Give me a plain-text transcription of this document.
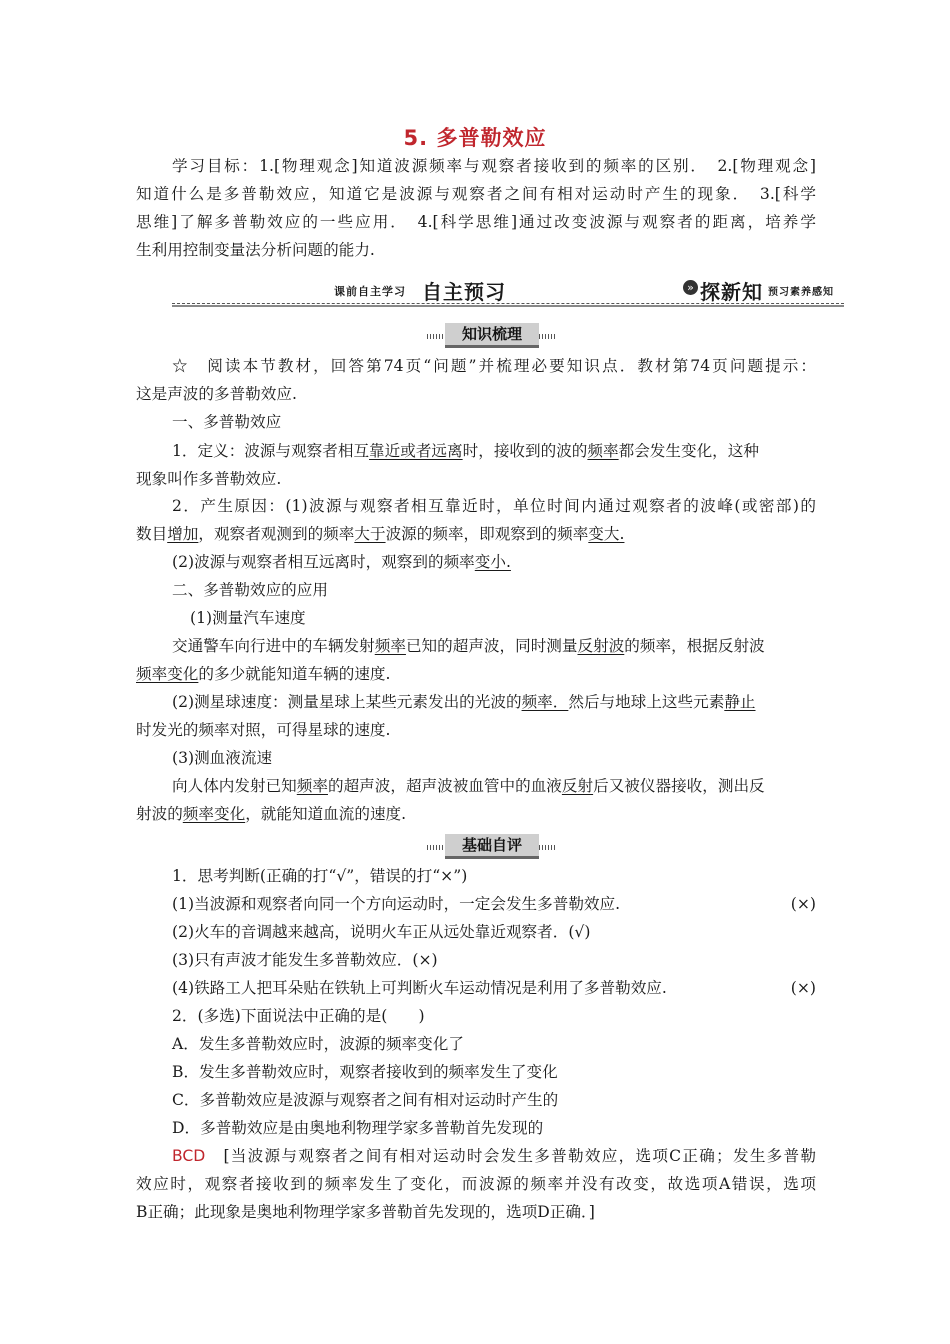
5. 多普勒效应
学习目标：1.[物理观念]知道波源频率与观察者接收到的频率的区别．　2.[物理观念]
知道什么是多普勒效应，知道它是波源与观察者之间有相对运动时产生的现象．　3.[科学
思维]了解多普勒效应的一些应用．　4.[科学思维]通过改变波源与观察者的距离，培养学
生利用控制变量法分析问题的能力.
课前自主学习 自主预习	» 探新知 预习素养感知
知识梳理
☆　阅读本节教材，回答第74页“问题”并梳理必要知识点．教材第74页问题提示：
这是声波的多普勒效应.
一、多普勒效应
1．定义：波源与观察者相互靠近或者远离时，接收到的波的频率都会发生变化，这种
现象叫作多普勒效应.
2．产生原因：(1)波源与观察者相互靠近时，单位时间内通过观察者的波峰(或密部)的
数目增加，观察者观测到的频率大于波源的频率，即观察到的频率变大.
(2)波源与观察者相互远离时，观察到的频率变小.
二、多普勒效应的应用
(1)测量汽车速度
交通警车向行进中的车辆发射频率已知的超声波，同时测量反射波的频率，根据反射波
频率变化的多少就能知道车辆的速度.
(2)测星球速度：测量星球上某些元素发出的光波的频率．然后与地球上这些元素静止
时发光的频率对照，可得星球的速度.
(3)测血液流速
向人体内发射已知频率的超声波，超声波被血管中的血液反射后又被仪器接收，测出反
射波的频率变化，就能知道血流的速度.
基础自评
1．思考判断(正确的打“√”，错误的打“×”)
(1)当波源和观察者向同一个方向运动时，一定会发生多普勒效应.	(×)
(2)火车的音调越来越高，说明火车正从远处靠近观察者．(√)
(3)只有声波才能发生多普勒效应．(×)
(4)铁路工人把耳朵贴在铁轨上可判断火车运动情况是利用了多普勒效应.	(×)
2．(多选)下面说法中正确的是(　　)
A．发生多普勒效应时，波源的频率变化了
B．发生多普勒效应时，观察者接收到的频率发生了变化
C．多普勒效应是波源与观察者之间有相对运动时产生的
D．多普勒效应是由奥地利物理学家多普勒首先发现的
BCD　[当波源与观察者之间有相对运动时会发生多普勒效应，选项C正确；发生多普勒
效应时，观察者接收到的频率发生了变化，而波源的频率并没有改变，故选项A错误，选项
B正确；此现象是奥地利物理学家多普勒首先发现的，选项D正确．]
